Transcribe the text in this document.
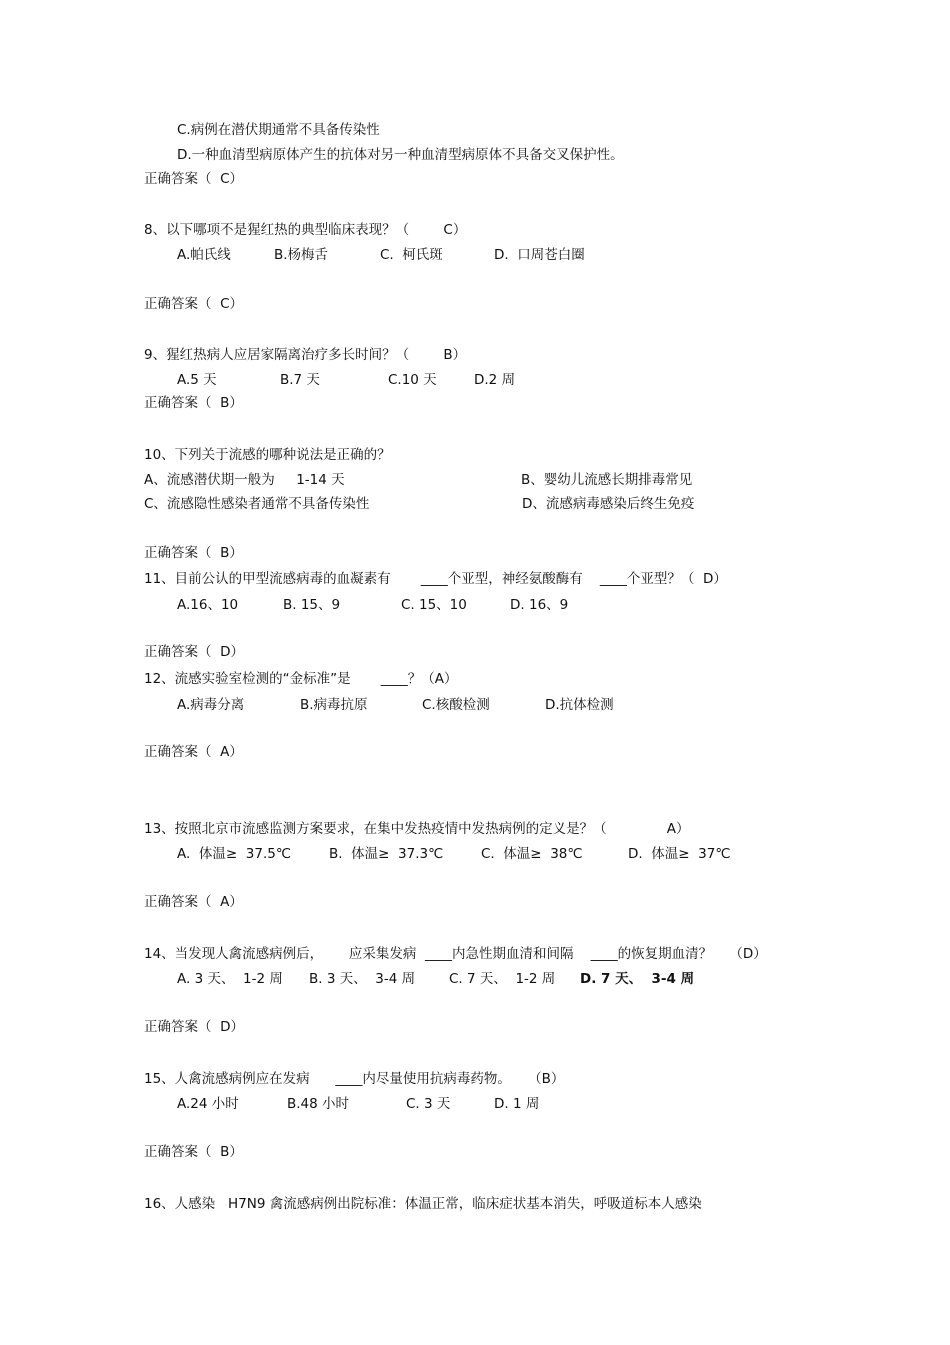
C.病例在潜伏期通常不具备传染性
D.一种血清型病原体产生的抗体对另一种血清型病原体不具备交叉保护性。
正确答案（  C）
8、以下哪项不是猩红热的典型临床表现？（        C）
A.帕氏线	B.杨梅舌	C.  柯氏斑	D.  口周苍白圈
正确答案（  C）
9、猩红热病人应居家隔离治疗多长时间？（        B）
A.5 天	B.7 天	C.10 天	D.2 周
正确答案（  B）
10、下列关于流感的哪种说法是正确的？
A、流感潜伏期一般为     1-14 天	B、婴幼儿流感长期排毒常见
C、流感隐性感染者通常不具备传染性	D、流感病毒感染后终生免疫
正确答案（  B）
11、目前公认的甲型流感病毒的血凝素有       ____个亚型，神经氨酸酶有    ____个亚型？（  D）
A.16、10	B. 15、9	C. 15、10	D. 16、9
正确答案（  D）
12、流感实验室检测的“金标准”是       ____？（A）
A.病毒分离	B.病毒抗原	C.核酸检测	D.抗体检测
正确答案（  A）
13、按照北京市流感监测方案要求，在集中发热疫情中发热病例的定义是？（              A）
A.  体温≥  37.5℃	B.  体温≥  37.3℃	C.  体温≥  38℃	D.  体温≥  37℃
正确答案（  A）
14、当发现人禽流感病例后，      应采集发病  ____内急性期血清和间隔    ____的恢复期血清？    （D）
A. 3 天、  1-2 周 B. 3 天、  3-4 周	C. 7 天、  1-2 周 D. 7 天、  3-4 周
正确答案（  D）
15、人禽流感病例应在发病      ____内尽量使用抗病毒药物。    （B）
A.24 小时	B.48 小时	C. 3 天	D. 1 周
正确答案（  B）
16、人感染   H7N9 禽流感病例出院标准：体温正常，临床症状基本消失，呼吸道标本人感染
